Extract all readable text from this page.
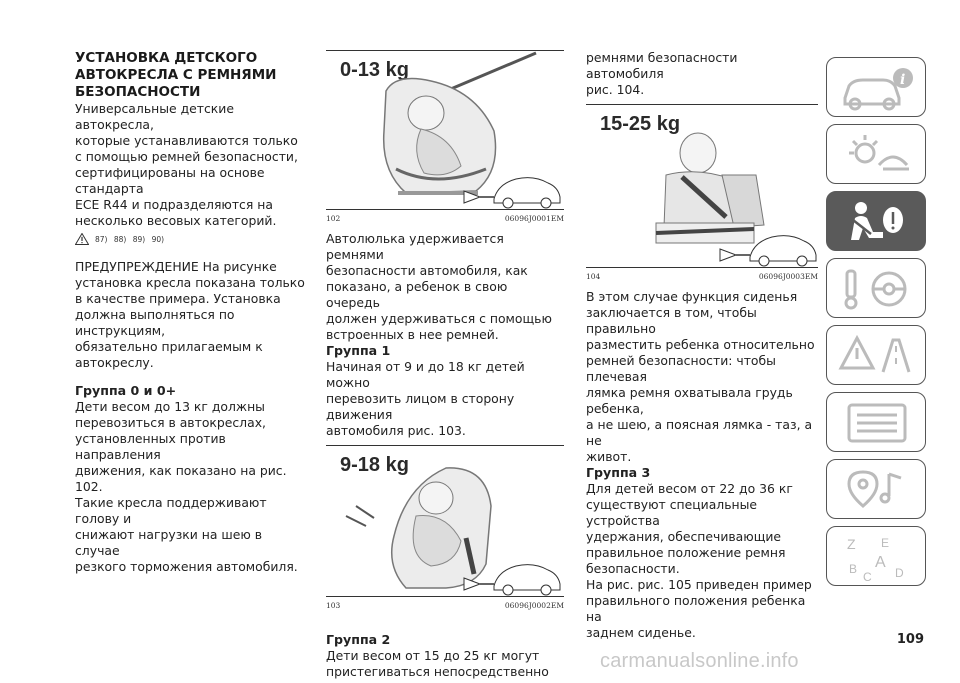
УСТАНОВКА ДЕТСКОГО

АВТОКРЕСЛА С РЕМНЯМИ

БЕЗОПАСНОСТИ

Универсальные детские автокресла,

которые устанавливаются только

с помощью ремней безопасности,

сертифицированы на основе стандарта

ECE R44 и подразделяются на

несколько весовых категорий.

87) 88) 89) 90)

ПРЕДУПРЕЖДЕНИЕ На рисунке

установка кресла показана только

в качестве примера. Установка

должна выполняться по инструкциям,

обязательно прилагаемым к автокреслу.

Группа 0 и 0+

Дети весом до 13 кг должны

перевозиться в автокреслах,

установленных против направления

движения, как показано на рис. 102.

Такие кресла поддерживают голову и

снижают нагрузки на шею в случае

резкого торможения автомобиля.

0-13 kg
102	06096J0001EM

Автолюлька удерживается ремнями

безопасности автомобиля, как

показано, а ребенок в свою очередь

должен удерживаться с помощью

встроенных в нее ремней.

Группа 1

Начиная от 9 и до 18 кг детей можно

перевозить лицом в сторону движения

автомобиля рис. 103.

9-18 kg
103	06096J0002EM

Группа 2

Дети весом от 15 до 25 кг могут

пристегиваться непосредственно

ремнями безопасности автомобиля

рис. 104.

15-25 kg
104	06096J0003EM

В этом случае функция сиденья

заключается в том, чтобы правильно

разместить ребенка относительно

ремней безопасности: чтобы плечевая

лямка ремня охватывала грудь ребенка,

а не шею, а поясная лямка - таз, а не

живот.

Группа 3

Для детей весом от 22 до 36 кг

существуют специальные устройства

удержания, обеспечивающие

правильное положение ремня

безопасности.

На рис. рис. 105 приведен пример

правильного положения ребенка на

заднем сиденье.

i
Z E
B A
C D
109
carmanualsonline.info
